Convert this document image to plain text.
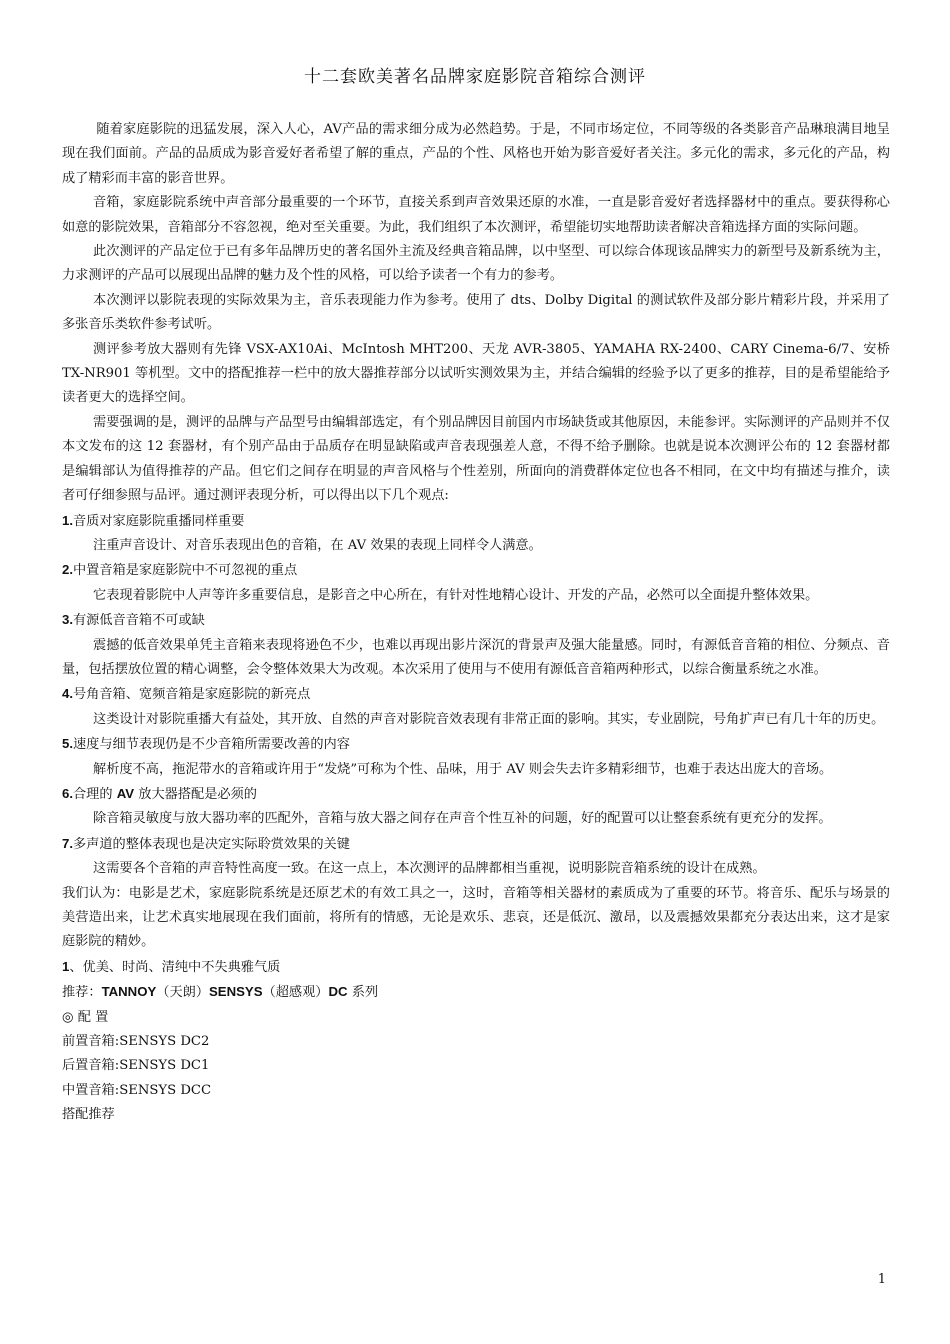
十二套欧美著名品牌家庭影院音箱综合测评

随着家庭影院的迅猛发展，深入人心，AV产品的需求细分成为必然趋势。于是，不同市场定位，不同等级的各类影音产品琳琅满目地呈现在我们面前。产品的品质成为影音爱好者希望了解的重点，产品的个性、风格也开始为影音爱好者关注。多元化的需求，多元化的产品，构成了精彩而丰富的影音世界。

音箱，家庭影院系统中声音部分最重要的一个环节，直接关系到声音效果还原的水准，一直是影音爱好者选择器材中的重点。要获得称心如意的影院效果，音箱部分不容忽视，绝对至关重要。为此，我们组织了本次测评，希望能切实地帮助读者解决音箱选择方面的实际问题。

此次测评的产品定位于已有多年品牌历史的著名国外主流及经典音箱品牌，以中坚型、可以综合体现该品牌实力的新型号及新系统为主，力求测评的产品可以展现出品牌的魅力及个性的风格，可以给予读者一个有力的参考。

本次测评以影院表现的实际效果为主，音乐表现能力作为参考。使用了 dts、Dolby Digital 的测试软件及部分影片精彩片段，并采用了多张音乐类软件参考试听。

测评参考放大器则有先锋 VSX-AX10Ai、McIntosh MHT200、天龙 AVR-3805、YAMAHA RX-2400、CARY Cinema-6/7、安桥 TX-NR901 等机型。文中的搭配推荐一栏中的放大器推荐部分以试听实测效果为主，并结合编辑的经验予以了更多的推荐，目的是希望能给予读者更大的选择空间。

需要强调的是，测评的品牌与产品型号由编辑部选定，有个别品牌因目前国内市场缺货或其他原因，未能参评。实际测评的产品则并不仅本文发布的这 12 套器材，有个别产品由于品质存在明显缺陷或声音表现强差人意，不得不给予删除。也就是说本次测评公布的 12 套器材都是编辑部认为值得推荐的产品。但它们之间存在明显的声音风格与个性差别，所面向的消费群体定位也各不相同，在文中均有描述与推介，读者可仔细参照与品评。通过测评表现分析，可以得出以下几个观点:

1.音质对家庭影院重播同样重要

注重声音设计、对音乐表现出色的音箱，在 AV 效果的表现上同样令人满意。

2.中置音箱是家庭影院中不可忽视的重点

它表现着影院中人声等许多重要信息，是影音之中心所在，有针对性地精心设计、开发的产品，必然可以全面提升整体效果。

3.有源低音音箱不可或缺

震撼的低音效果单凭主音箱来表现将逊色不少，也难以再现出影片深沉的背景声及强大能量感。同时，有源低音音箱的相位、分频点、音量，包括摆放位置的精心调整，会令整体效果大为改观。本次采用了使用与不使用有源低音音箱两种形式，以综合衡量系统之水准。

4.号角音箱、宽频音箱是家庭影院的新亮点

这类设计对影院重播大有益处，其开放、自然的声音对影院音效表现有非常正面的影响。其实，专业剧院，号角扩声已有几十年的历史。

5.速度与细节表现仍是不少音箱所需要改善的内容

解析度不高，拖泥带水的音箱或许用于“发烧”可称为个性、品味，用于 AV 则会失去许多精彩细节，也难于表达出庞大的音场。

6.合理的 AV 放大器搭配是必须的

除音箱灵敏度与放大器功率的匹配外，音箱与放大器之间存在声音个性互补的问题，好的配置可以让整套系统有更充分的发挥。

7.多声道的整体表现也是决定实际聆赏效果的关键

这需要各个音箱的声音特性高度一致。在这一点上，本次测评的品牌都相当重视，说明影院音箱系统的设计在成熟。

我们认为：电影是艺术，家庭影院系统是还原艺术的有效工具之一，这时，音箱等相关器材的素质成为了重要的环节。将音乐、配乐与场景的美营造出来，让艺术真实地展现在我们面前，将所有的情感，无论是欢乐、悲哀，还是低沉、激昂，以及震撼效果都充分表达出来，这才是家庭影院的精妙。

1、优美、时尚、清纯中不失典雅气质

推荐：TANNOY（天朗）SENSYS（超感观）DC 系列

◎ 配 置

前置音箱:SENSYS DC2

后置音箱:SENSYS DC1

中置音箱:SENSYS DCC

搭配推荐

1
